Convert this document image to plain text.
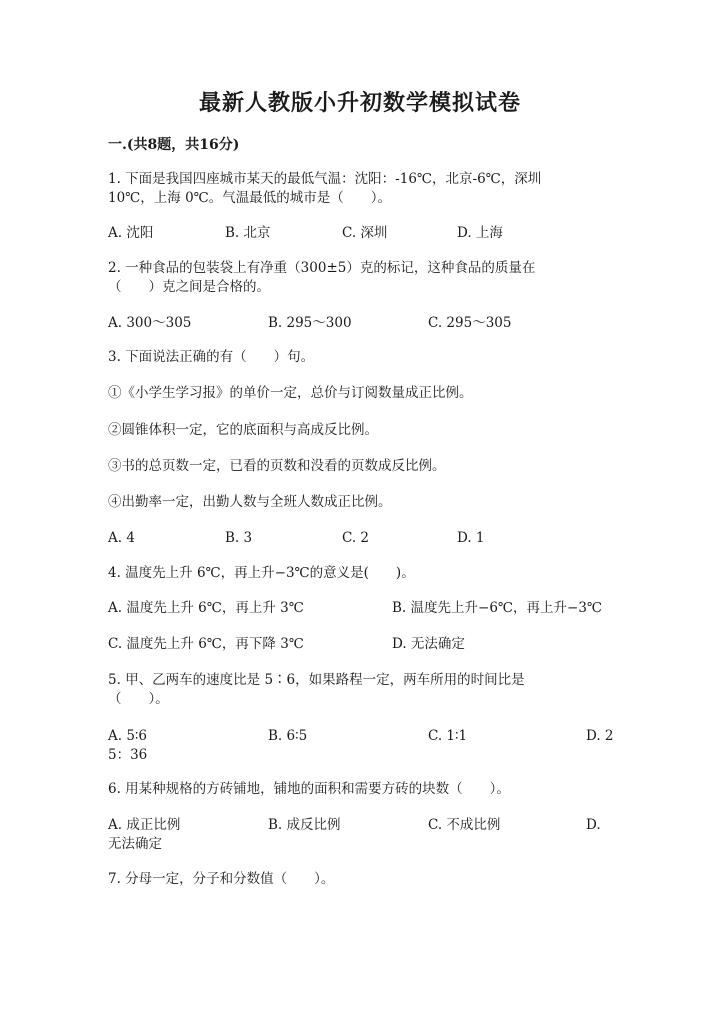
最新人教版小升初数学模拟试卷
一.(共8题，共16分)
1. 下面是我国四座城市某天的最低气温：沈阳：-16℃，北京-6℃，深圳
10℃，上海 0℃。气温最低的城市是（　　）。
A. 沈阳	B. 北京	C. 深圳	D. 上海
2. 一种食品的包装袋上有净重（300±5）克的标记，这种食品的质量在
（　　）克之间是合格的。
A. 300～305	B. 295～300	C. 295～305
3. 下面说法正确的有（　　）句。
①《小学生学习报》的单价一定，总价与订阅数量成正比例。
②圆锥体积一定，它的底面积与高成反比例。
③书的总页数一定，已看的页数和没看的页数成反比例。
④出勤率一定，出勤人数与全班人数成正比例。
A. 4	B. 3	C. 2	D. 1
4. 温度先上升 6℃，再上升−3℃的意义是(　　)。
A. 温度先上升 6℃，再上升 3℃	B. 温度先上升−6℃，再上升−3℃
C. 温度先上升 6℃，再下降 3℃	D. 无法确定
5. 甲、乙两车的速度比是 5∶6，如果路程一定，两车所用的时间比是
（　　）。
A. 5∶6	B. 6∶5	C. 1∶1	D. 2
5：36
6. 用某种规格的方砖铺地，铺地的面积和需要方砖的块数（　　）。
A. 成正比例	B. 成反比例	C. 不成比例	D.
无法确定
7. 分母一定，分子和分数值（　　）。
